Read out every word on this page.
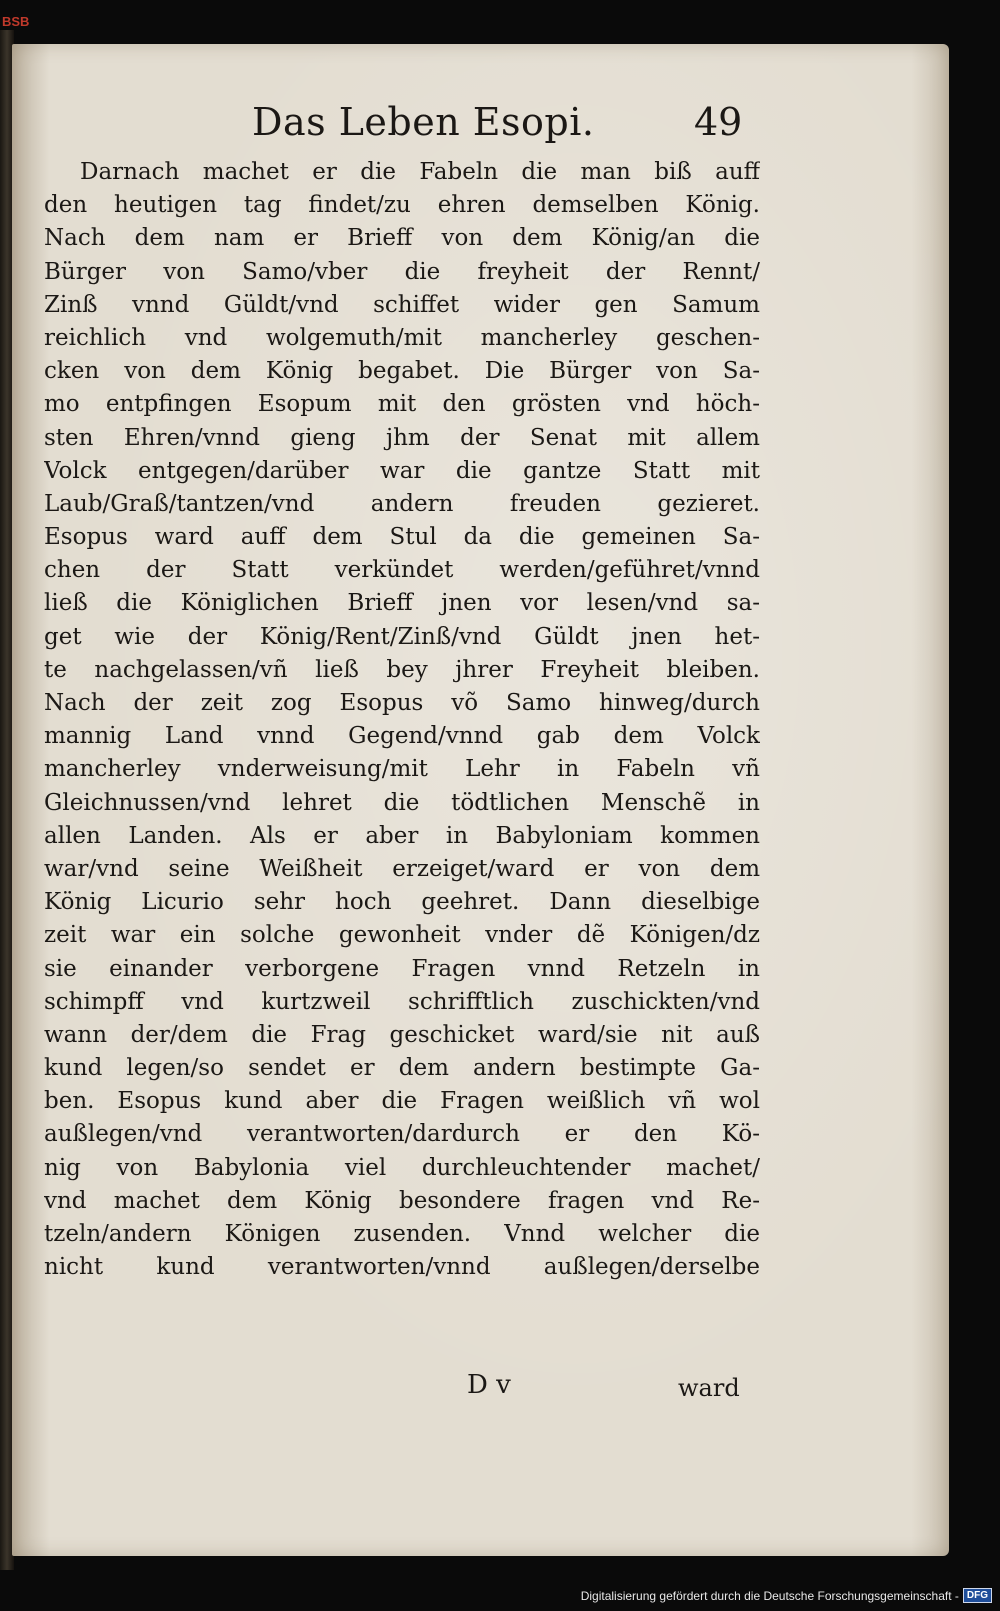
BSB
Das Leben Esopi.	49
Darnach machet er die Fabeln die man biß auff
den heutigen tag findet/zu ehren demselben König.
Nach dem nam er Brieff von dem König/an die
Bürger von Samo/vber die freyheit der Rennt/
Zinß vnnd Güldt/vnd schiffet wider gen Samum
reichlich vnd wolgemuth/mit mancherley geschen-
cken von dem König begabet. Die Bürger von Sa-
mo entpfingen Esopum mit den grösten vnd höch-
sten Ehren/vnnd gieng jhm der Senat mit allem
Volck entgegen/darüber war die gantze Statt mit
Laub/Graß/tantzen/vnd andern freuden gezieret.
Esopus ward auff dem Stul da die gemeinen Sa-
chen der Statt verkündet werden/geführet/vnnd
ließ die Königlichen Brieff jnen vor lesen/vnd sa-
get wie der König/Rent/Zinß/vnd Güldt jnen het-
te nachgelassen/vñ ließ bey jhrer Freyheit bleiben.
Nach der zeit zog Esopus võ Samo hinweg/durch
mannig Land vnnd Gegend/vnnd gab dem Volck
mancherley vnderweisung/mit Lehr in Fabeln vñ
Gleichnussen/vnd lehret die tödtlichen Menschẽ in
allen Landen. Als er aber in Babyloniam kommen
war/vnd seine Weißheit erzeiget/ward er von dem
König Licurio sehr hoch geehret. Dann dieselbige
zeit war ein solche gewonheit vnder dẽ Königen/dz
sie einander verborgene Fragen vnnd Retzeln in
schimpff vnd kurtzweil schrifftlich zuschickten/vnd
wann der/dem die Frag geschicket ward/sie nit auß
kund legen/so sendet er dem andern bestimpte Ga-
ben. Esopus kund aber die Fragen weißlich vñ wol
außlegen/vnd verantworten/dardurch er den Kö-
nig von Babylonia viel durchleuchtender machet/
vnd machet dem König besondere fragen vnd Re-
tzeln/andern Königen zusenden. Vnnd welcher die
nicht kund verantworten/vnnd außlegen/derselbe
D v	ward
Digitalisierung gefördert durch die Deutsche Forschungsgemeinschaft - DFG
